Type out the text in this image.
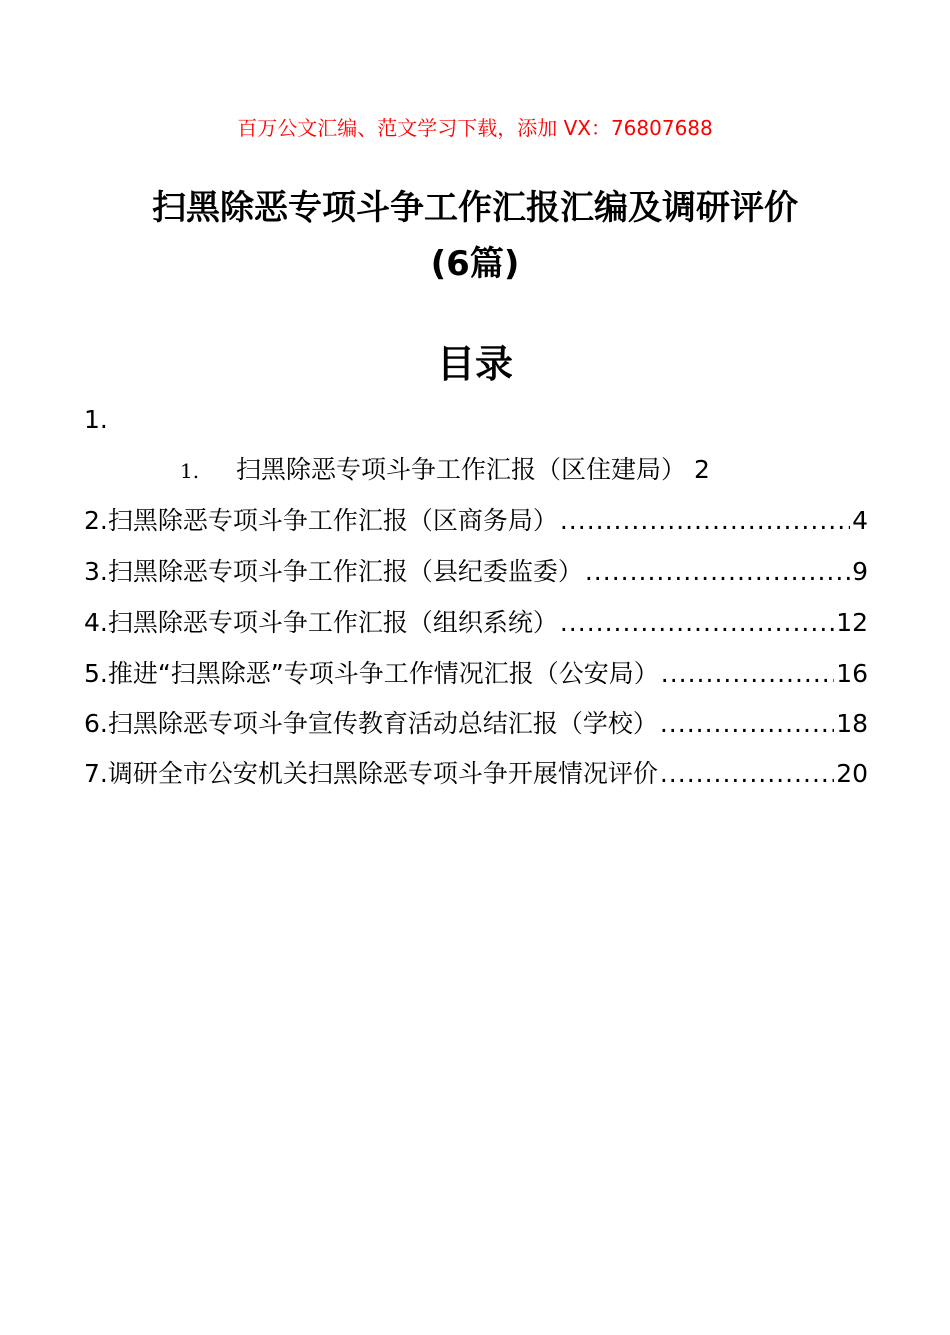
百万公文汇编、范文学习下载，添加 VX：76807688
扫黑除恶专项斗争工作汇报汇编及调研评价
(6篇)
目录
1.
1. 扫黑除恶专项斗争工作汇报（区住建局） 2
2.扫黑除恶专项斗争工作汇报（区商务局） .....	4
3.扫黑除恶专项斗争工作汇报（县纪委监委） .....	9
4.扫黑除恶专项斗争工作汇报（组织系统） .....	12
5.推进“扫黑除恶”专项斗争工作情况汇报（公安局） .....	16
6.扫黑除恶专项斗争宣传教育活动总结汇报（学校） .....	18
7.调研全市公安机关扫黑除恶专项斗争开展情况评价 .....	20
